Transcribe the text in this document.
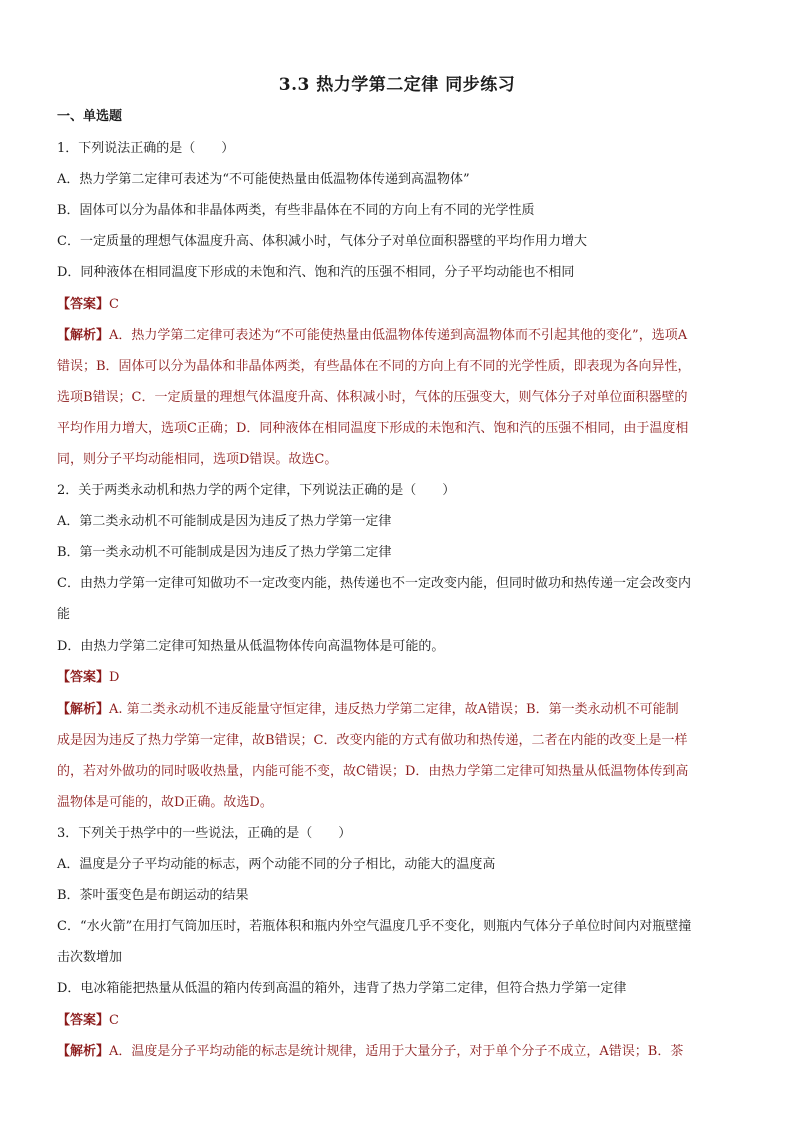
3.3 热力学第二定律 同步练习
一、单选题
1．下列说法正确的是（　　）
A．热力学第二定律可表述为“不可能使热量由低温物体传递到高温物体”
B．固体可以分为晶体和非晶体两类，有些非晶体在不同的方向上有不同的光学性质
C．一定质量的理想气体温度升高、体积减小时，气体分子对单位面积器壁的平均作用力增大
D．同种液体在相同温度下形成的未饱和汽、饱和汽的压强不相同，分子平均动能也不相同
【答案】C
【解析】A．热力学第二定律可表述为“不可能使热量由低温物体传递到高温物体而不引起其他的变化”，选项A
错误；B．固体可以分为晶体和非晶体两类，有些晶体在不同的方向上有不同的光学性质，即表现为各向异性，
选项B错误；C．一定质量的理想气体温度升高、体积减小时，气体的压强变大，则气体分子对单位面积器壁的
平均作用力增大，选项C正确；D．同种液体在相同温度下形成的未饱和汽、饱和汽的压强不相同，由于温度相
同，则分子平均动能相同，选项D错误。故选C。
2．关于两类永动机和热力学的两个定律，下列说法正确的是（　　）
A．第二类永动机不可能制成是因为违反了热力学第一定律
B．第一类永动机不可能制成是因为违反了热力学第二定律
C．由热力学第一定律可知做功不一定改变内能，热传递也不一定改变内能，但同时做功和热传递一定会改变内
能
D．由热力学第二定律可知热量从低温物体传向高温物体是可能的。
【答案】D
【解析】A. 第二类永动机不违反能量守恒定律，违反热力学第二定律，故A错误；B．第一类永动机不可能制
成是因为违反了热力学第一定律，故B错误；C．改变内能的方式有做功和热传递，二者在内能的改变上是一样
的，若对外做功的同时吸收热量，内能可能不变，故C错误；D．由热力学第二定律可知热量从低温物体传到高
温物体是可能的，故D正确。故选D。
3．下列关于热学中的一些说法，正确的是（　　）
A．温度是分子平均动能的标志，两个动能不同的分子相比，动能大的温度高
B．茶叶蛋变色是布朗运动的结果
C．“水火箭”在用打气筒加压时，若瓶体积和瓶内外空气温度几乎不变化，则瓶内气体分子单位时间内对瓶壁撞
击次数增加
D．电冰箱能把热量从低温的箱内传到高温的箱外，违背了热力学第二定律，但符合热力学第一定律
【答案】C
【解析】A．温度是分子平均动能的标志是统计规律，适用于大量分子，对于单个分子不成立，A错误；B．茶
